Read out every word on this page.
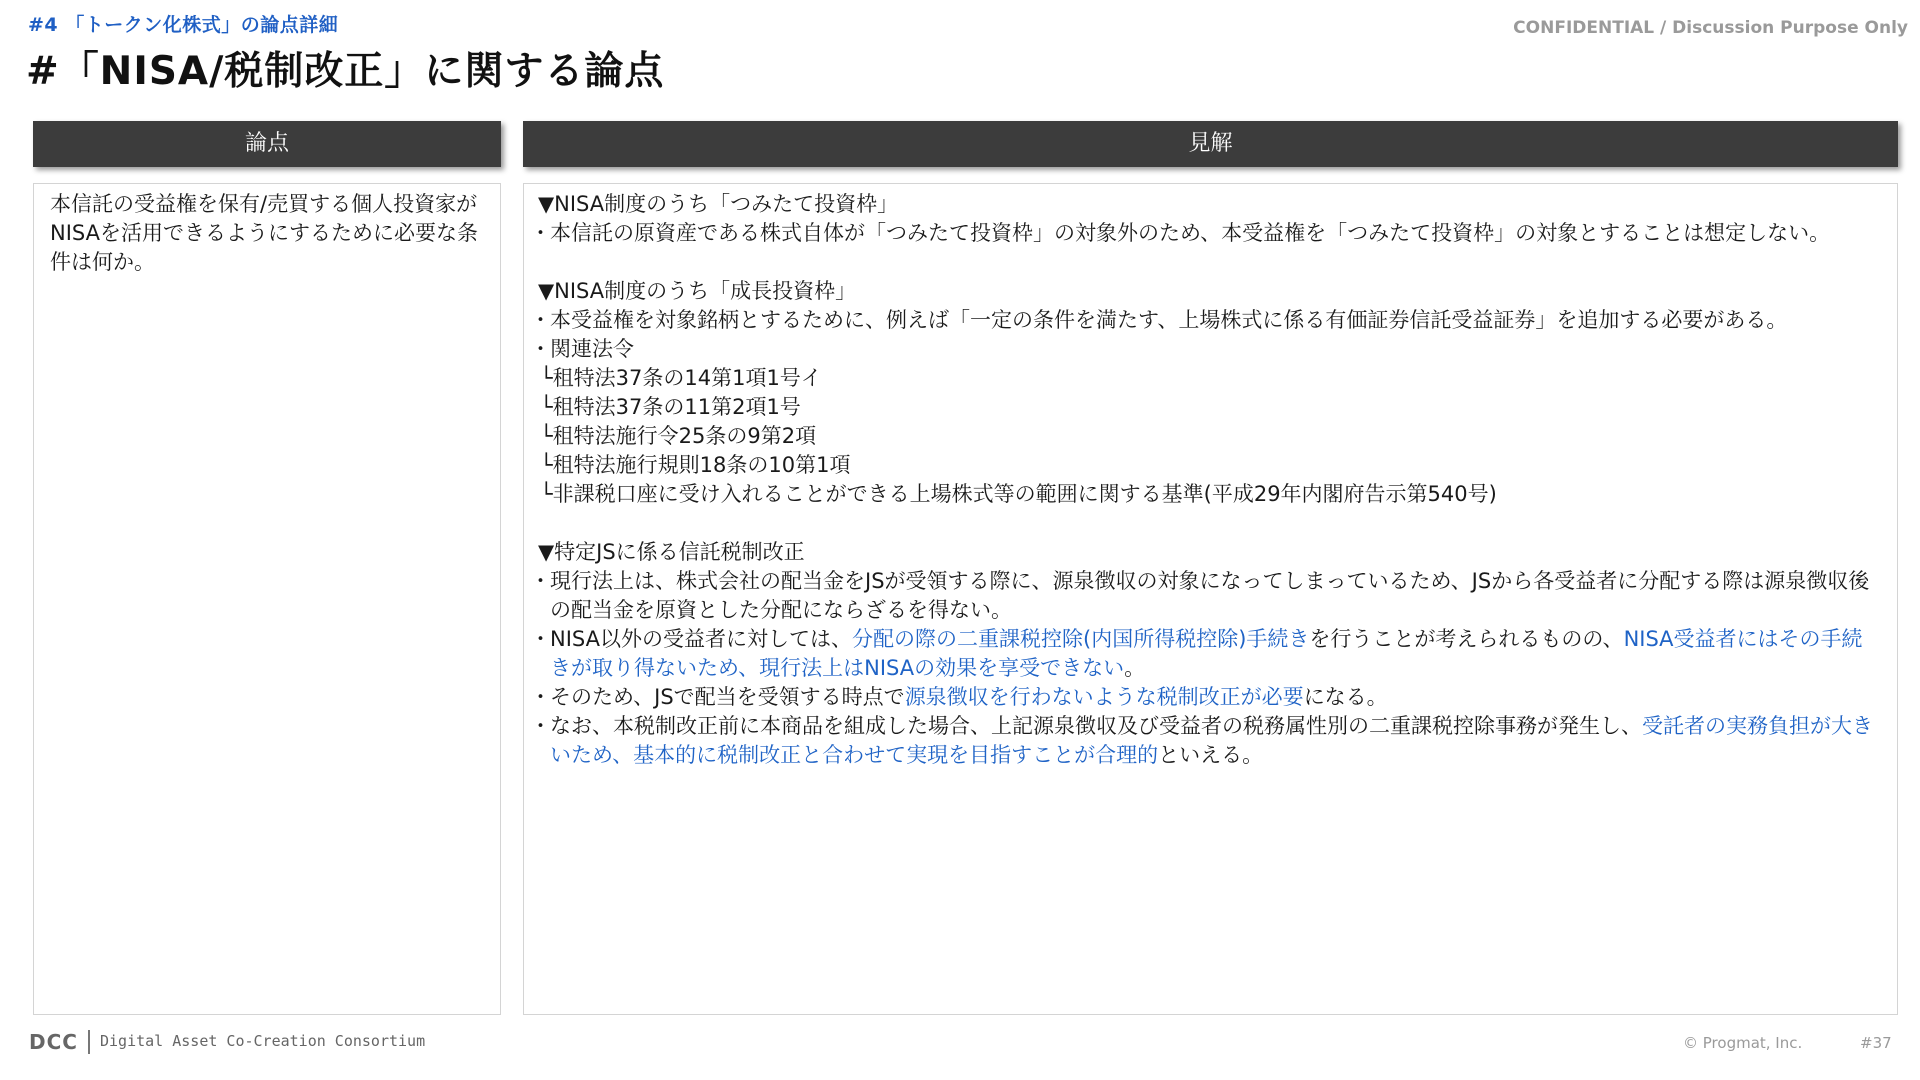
#4 「トークン化株式」の論点詳細	CONFIDENTIAL / Discussion Purpose Only
#「NISA/税制改正」に関する論点
論点	見解

本信託の受益権を保有/売買する個人投資家がNISAを活用できるようにするために必要な条件は何か。

▼NISA制度のうち「つみたて投資枠」

・ 本信託の原資産である株式自体が「つみたて投資枠」の対象外のため、本受益権を「つみたて投資枠」の対象とすることは想定しない。

▼NISA制度のうち「成長投資枠」

・ 本受益権を対象銘柄とするために、例えば「一定の条件を満たす、上場株式に係る有価証券信託受益証券」を追加する必要がある。

・ 関連法令

└租特法37条の14第1項1号イ

└租特法37条の11第2項1号

└租特法施行令25条の9第2項

└租特法施行規則18条の10第1項

└非課税口座に受け入れることができる上場株式等の範囲に関する基準(平成29年内閣府告示第540号)

▼特定JSに係る信託税制改正

・ 現行法上は、株式会社の配当金をJSが受領する際に、源泉徴収の対象になってしまっているため、JSから各受益者に分配する際は源泉徴収後の配当金を原資とした分配にならざるを得ない。

・ NISA以外の受益者に対しては、分配の際の二重課税控除(内国所得税控除)手続きを行うことが考えられるものの、NISA受益者にはその手続きが取り得ないため、現行法上はNISAの効果を享受できない。

・ そのため、JSで配当を受領する時点で源泉徴収を行わないような税制改正が必要になる。

・ なお、本税制改正前に本商品を組成した場合、上記源泉徴収及び受益者の税務属性別の二重課税控除事務が発生し、受託者の実務負担が大きいため、基本的に税制改正と合わせて実現を目指すことが合理的といえる。

DCC Digital Asset Co-Creation Consortium	© Progmat, Inc.	#37
